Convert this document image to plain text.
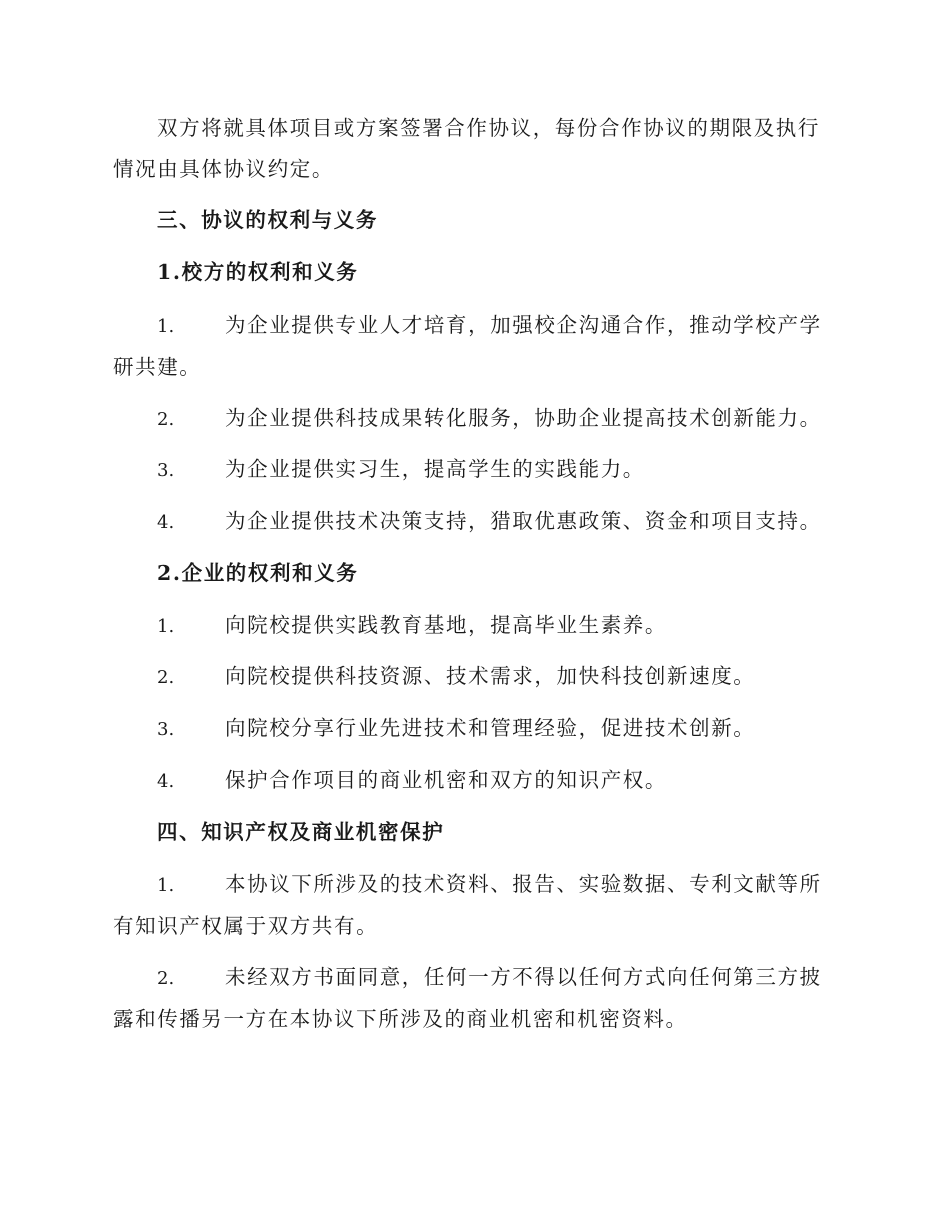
双方将就具体项目或方案签署合作协议，每份合作协议的期限及执行情况由具体协议约定。

三、协议的权利与义务

1.校方的权利和义务

1. 为企业提供专业人才培育，加强校企沟通合作，推动学校产学研共建。

2. 为企业提供科技成果转化服务，协助企业提高技术创新能力。

3. 为企业提供实习生，提高学生的实践能力。

4. 为企业提供技术决策支持，猎取优惠政策、资金和项目支持。

2.企业的权利和义务

1. 向院校提供实践教育基地，提高毕业生素养。

2. 向院校提供科技资源、技术需求，加快科技创新速度。

3. 向院校分享行业先进技术和管理经验，促进技术创新。

4. 保护合作项目的商业机密和双方的知识产权。

四、知识产权及商业机密保护

1. 本协议下所涉及的技术资料、报告、实验数据、专利文献等所有知识产权属于双方共有。

2. 未经双方书面同意，任何一方不得以任何方式向任何第三方披露和传播另一方在本协议下所涉及的商业机密和机密资料。
